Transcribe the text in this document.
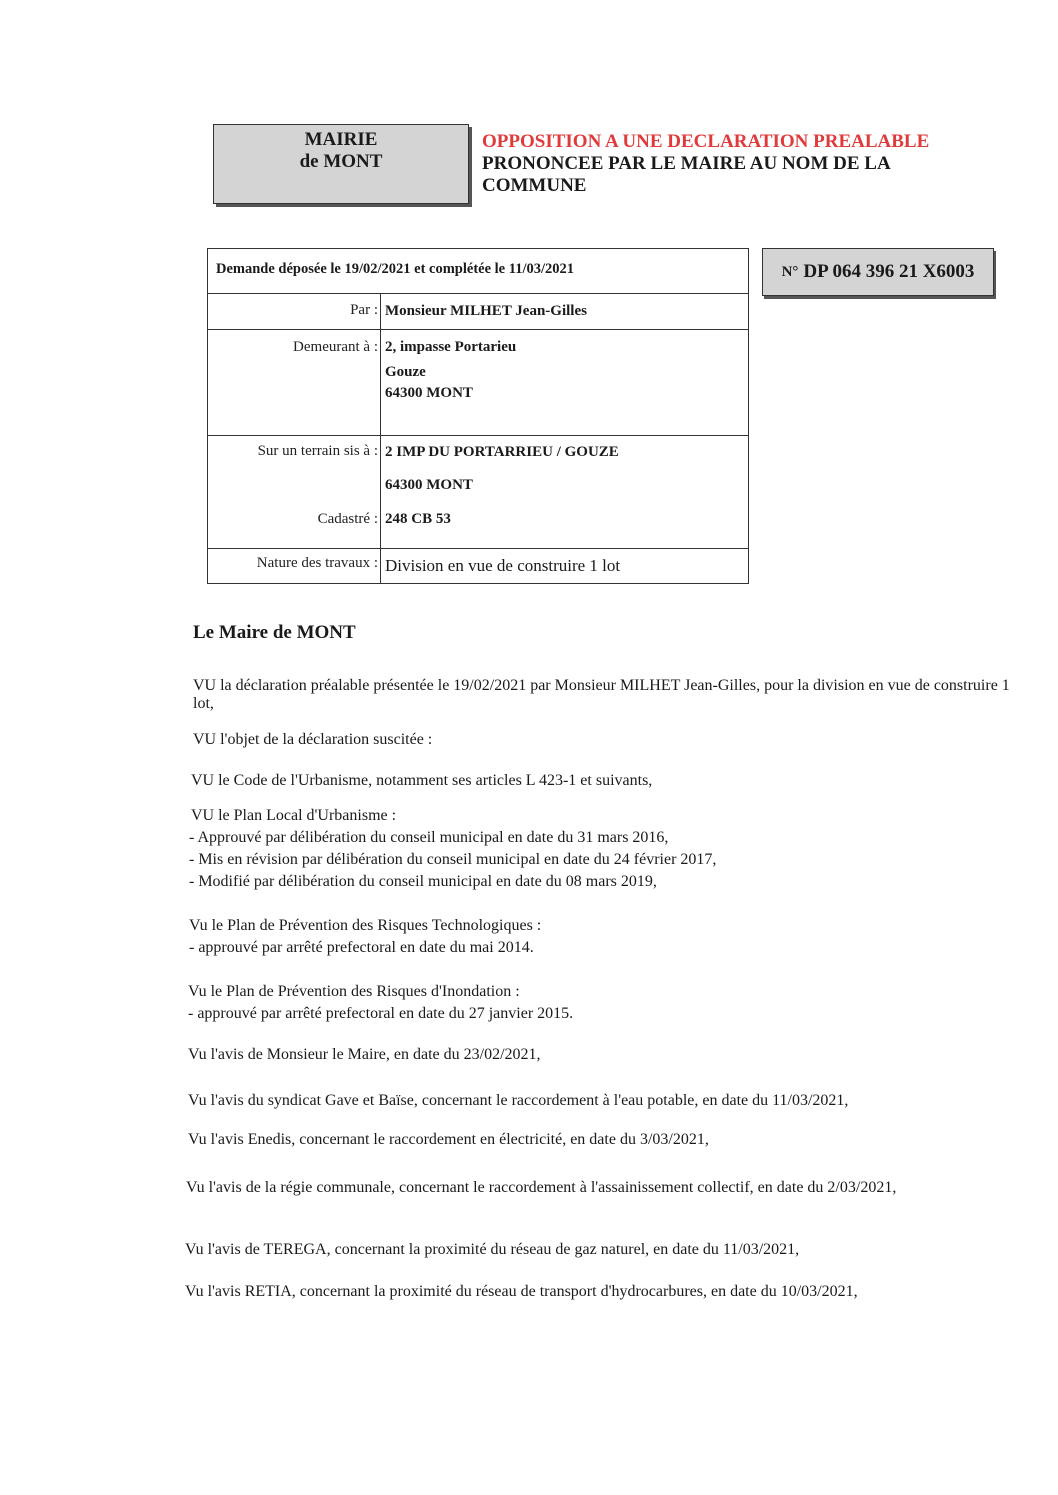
MAIRIE
de MONT
OPPOSITION A UNE DECLARATION PREALABLE
PRONONCEE PAR LE MAIRE AU NOM DE LA
COMMUNE
Demande déposée le 19/02/2021 et complétée le 11/03/2021
Par : Monsieur MILHET Jean-Gilles
Demeurant à : 2, impasse Portarieu
Gouze
64300 MONT
Sur un terrain sis à : 2 IMP DU PORTARRIEU / GOUZE
64300 MONT
Cadastré : 248 CB 53
Nature des travaux : Division en vue de construire 1 lot
N° DP 064 396 21 X6003
Le Maire de MONT
VU la déclaration préalable présentée le 19/02/2021 par Monsieur MILHET Jean-Gilles, pour la division en vue de construire 1 lot,
VU l'objet de la déclaration suscitée :
VU le Code de l'Urbanisme, notamment ses articles L 423-1 et suivants,
VU le Plan Local d'Urbanisme :
- Approuvé par délibération du conseil municipal en date du 31 mars 2016,
- Mis en révision par délibération du conseil municipal en date du 24 février 2017,
- Modifié par délibération du conseil municipal en date du 08 mars 2019,
Vu le Plan de Prévention des Risques Technologiques :
- approuvé par arrêté prefectoral en date du mai 2014.
Vu le Plan de Prévention des Risques d'Inondation :
- approuvé par arrêté prefectoral en date du 27 janvier 2015.
Vu l'avis de Monsieur le Maire, en date du 23/02/2021,
Vu l'avis du syndicat Gave et Baïse, concernant le raccordement à l'eau potable, en date du 11/03/2021,
Vu l'avis Enedis, concernant le raccordement en électricité, en date du 3/03/2021,
Vu l'avis de la régie communale, concernant le raccordement à l'assainissement collectif, en date du 2/03/2021,
Vu l'avis de TEREGA, concernant la proximité du réseau de gaz naturel, en date du 11/03/2021,
Vu l'avis RETIA, concernant la proximité du réseau de transport d'hydrocarbures, en date du 10/03/2021,
